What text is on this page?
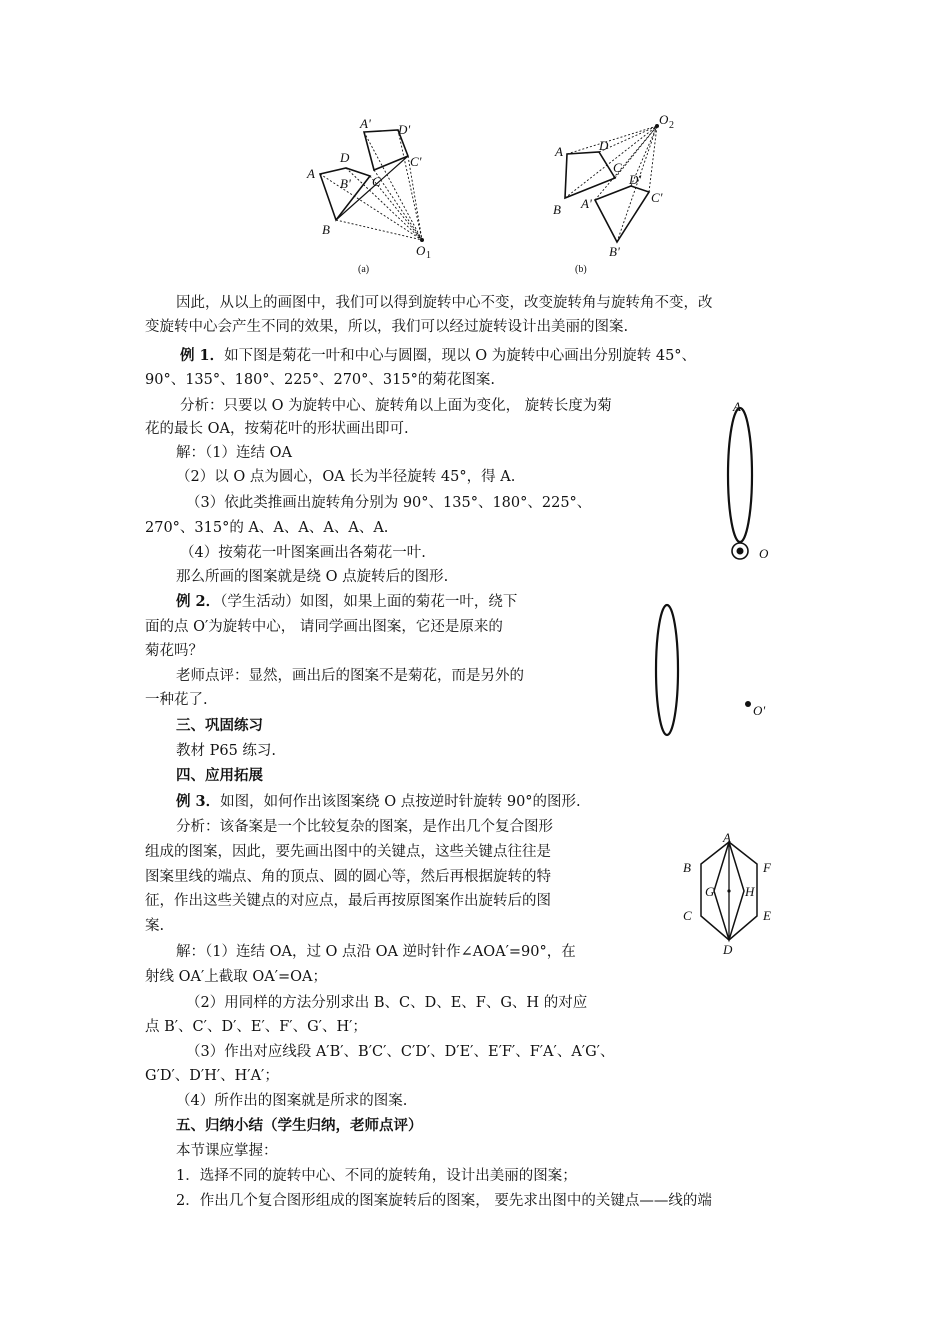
A
B
C
D
A'
B'
C'
D'
O 1
(a)
A
B
C
D
A'
B'
C'
D'
O 2
(b)
A
O
O'
A
B
C
D
E
F
G H
因此，从以上的画图中，我们可以得到旋转中心不变，改变旋转角与旋转角不变，改
变旋转中心会产生不同的效果，所以，我们可以经过旋转设计出美丽的图案.
例 1．如下图是菊花一叶和中心与圆圈，现以 O 为旋转中心画出分别旋转 45°、
90°、135°、180°、225°、270°、315°的菊花图案.
分析：只要以 O 为旋转中心、旋转角以上面为变化， 旋转长度为菊
花的最长 OA，按菊花叶的形状画出即可.
解：（1）连结 OA
（2）以 O 点为圆心，OA 长为半径旋转 45°，得 A.
（3）依此类推画出旋转角分别为 90°、135°、180°、225°、
270°、315°的 A、A、A、A、A、A.
（4）按菊花一叶图案画出各菊花一叶.
那么所画的图案就是绕 O 点旋转后的图形.
例 2．（学生活动）如图，如果上面的菊花一叶，绕下
面的点 O′为旋转中心， 请同学画出图案，它还是原来的
菊花吗？
老师点评：显然，画出后的图案不是菊花，而是另外的
一种花了.
三、巩固练习
教材 P65 练习.
四、应用拓展
例 3．如图，如何作出该图案绕 O 点按逆时针旋转 90°的图形.
分析：该备案是一个比较复杂的图案，是作出几个复合图形
组成的图案，因此，要先画出图中的关键点，这些关键点往往是
图案里线的端点、角的顶点、圆的圆心等，然后再根据旋转的特
征，作出这些关键点的对应点，最后再按原图案作出旋转后的图
案.
解：（1）连结 OA，过 O 点沿 OA 逆时针作∠AOA′=90°，在
射线 OA′上截取 OA′=OA；
（2）用同样的方法分别求出 B、C、D、E、F、G、H 的对应
点 B′、C′、D′、E′、F′、G′、H′；
（3）作出对应线段 A′B′、B′C′、C′D′、D′E′、E′F′、F′A′、A′G′、
G′D′、D′H′、H′A′；
（4）所作出的图案就是所求的图案.
五、归纳小结（学生归纳，老师点评）
本节课应掌握：
1．选择不同的旋转中心、不同的旋转角，设计出美丽的图案；
2．作出几个复合图形组成的图案旋转后的图案， 要先求出图中的关键点——线的端
